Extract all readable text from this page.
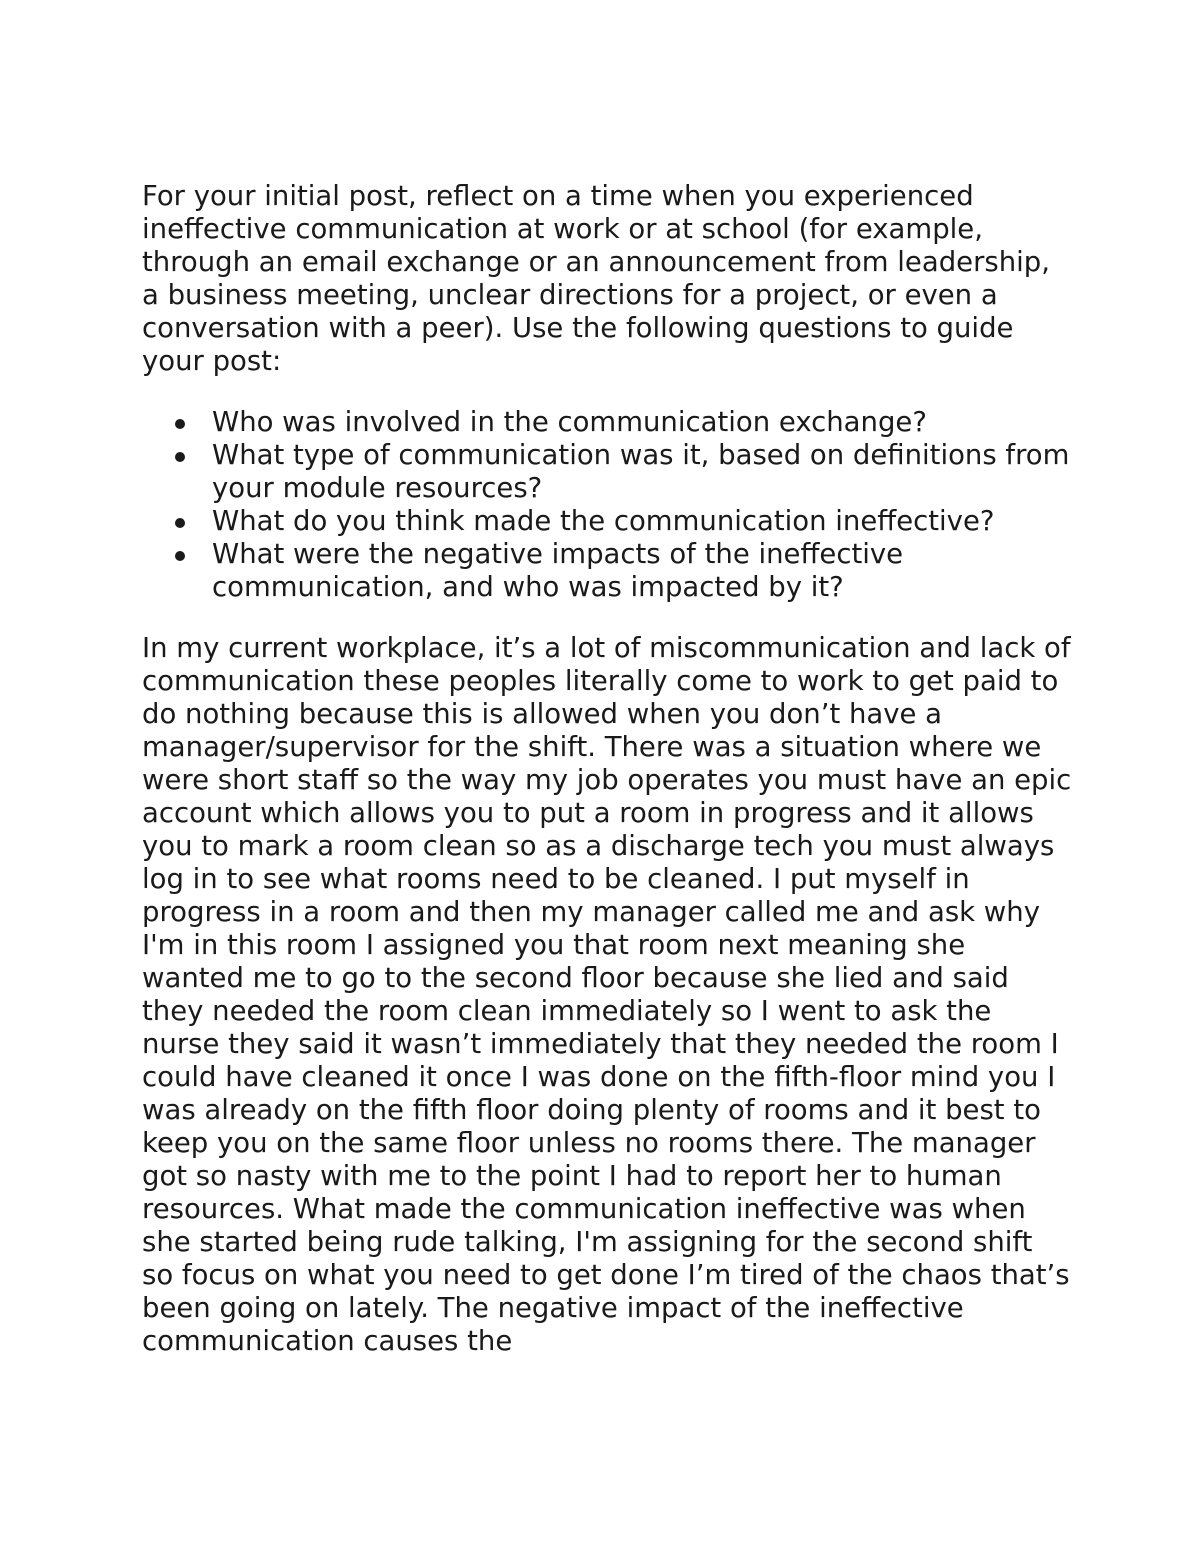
For your initial post, reflect on a time when you experienced ineffective communication at work or at school (for example, through an email exchange or an announcement from leadership, a business meeting, unclear directions for a project, or even a conversation with a peer). Use the following questions to guide your post:

Who was involved in the communication exchange?
What type of communication was it, based on definitions from your module resources?
What do you think made the communication ineffective?
What were the negative impacts of the ineffective communication, and who was impacted by it?

In my current workplace, it’s a lot of miscommunication and lack of communication these peoples literally come to work to get paid to do nothing because this is allowed when you don’t have a manager/supervisor for the shift. There was a situation where we were short staff so the way my job operates you must have an epic account which allows you to put a room in progress and it allows you to mark a room clean so as a discharge tech you must always log in to see what rooms need to be cleaned. I put myself in progress in a room and then my manager called me and ask why I'm in this room I assigned you that room next meaning she wanted me to go to the second floor because she lied and said they needed the room clean immediately so I went to ask the nurse they said it wasn’t immediately that they needed the room I could have cleaned it once I was done on the fifth-floor mind you I was already on the fifth floor doing plenty of rooms and it best to keep you on the same floor unless no rooms there. The manager got so nasty with me to the point I had to report her to human resources. What made the communication ineffective was when she started being rude talking, I'm assigning for the second shift so focus on what you need to get done I’m tired of the chaos that’s been going on lately. The negative impact of the ineffective communication causes the
